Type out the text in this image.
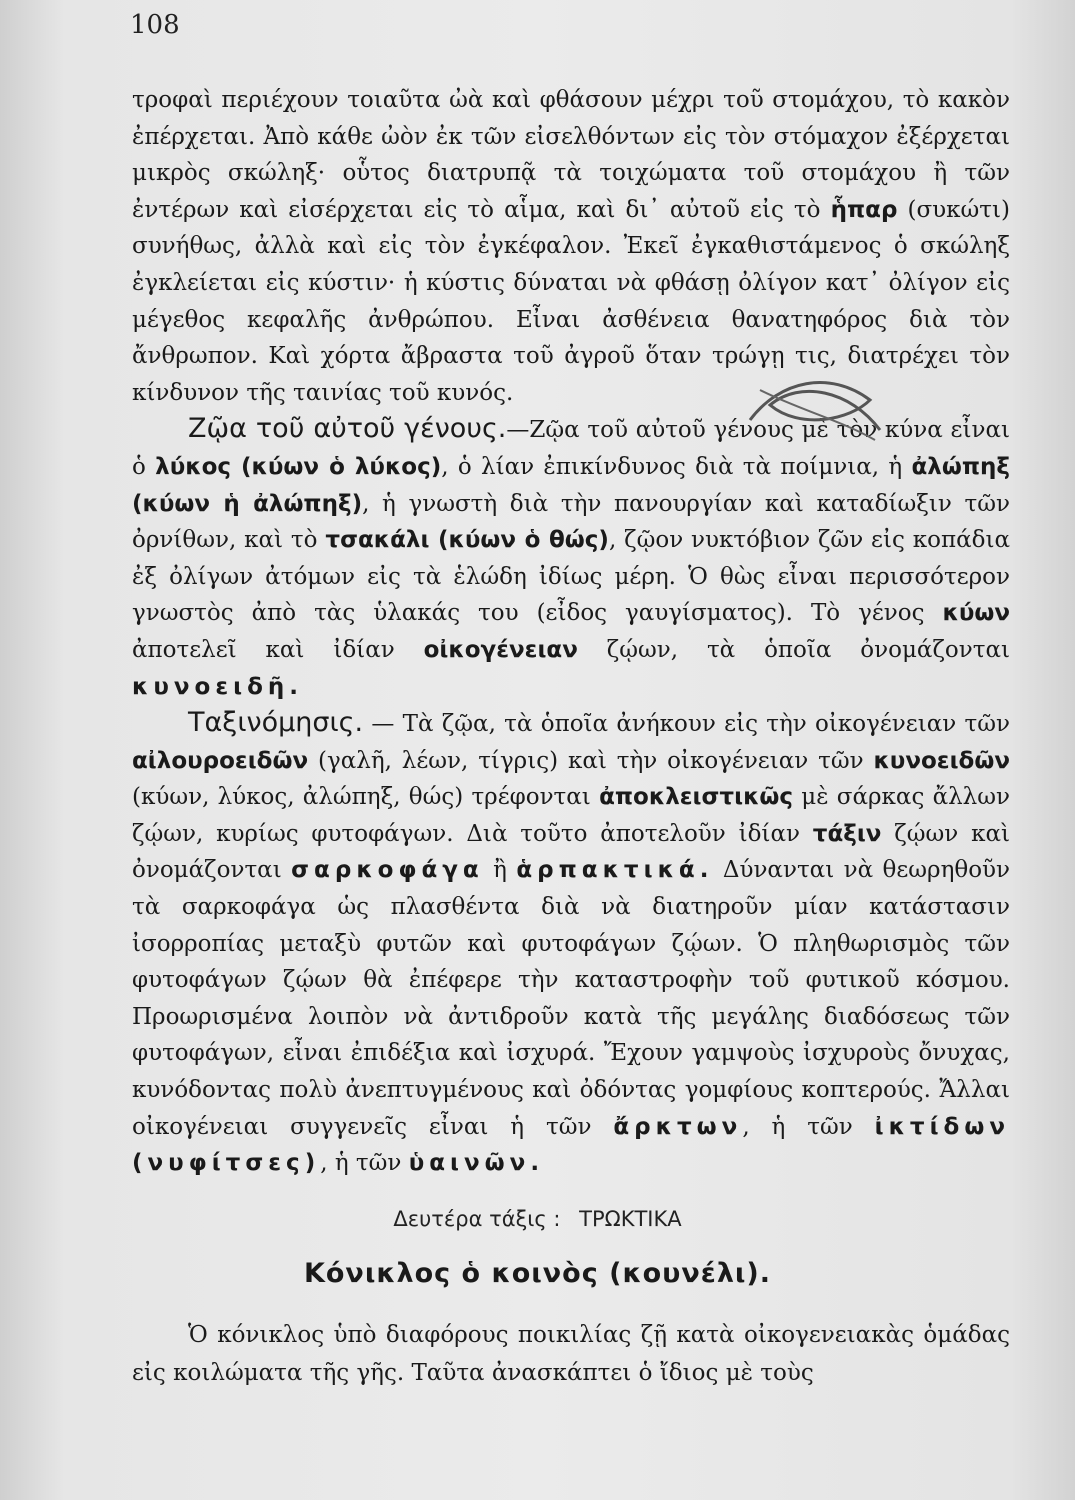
108

τροφαὶ περιέχουν τοιαῦτα ὠὰ καὶ φθάσουν μέχρι τοῦ στομάχου, τὸ κακὸν ἐπέρχεται. Ἀπὸ κάθε ὠὸν ἐκ τῶν εἰσελθόντων εἰς τὸν στόμαχον ἐξέρχεται μικρὸς σκώληξ· οὗτος διατρυπᾷ τὰ τοιχώματα τοῦ στομάχου ἢ τῶν ἐντέρων καὶ εἰσέρχεται εἰς τὸ αἷμα, καὶ δι᾽ αὐτοῦ εἰς τὸ ἧπαρ (συκώτι) συνήθως, ἀλλὰ καὶ εἰς τὸν ἐγκέφαλον. Ἐκεῖ ἐγκαθιστάμενος ὁ σκώληξ ἐγκλείεται εἰς κύστιν· ἡ κύστις δύναται νὰ φθάσῃ ὀλίγον κατ᾽ ὀλίγον εἰς μέγεθος κεφαλῆς ἀνθρώπου. Εἶναι ἀσθένεια θανατηφόρος διὰ τὸν ἄνθρωπον. Καὶ χόρτα ἄβραστα τοῦ ἀγροῦ ὅταν τρώγῃ τις, διατρέχει τὸν κίνδυνον τῆς ταινίας τοῦ κυνός.

Ζῷα τοῦ αὐτοῦ γένους.—Ζῷα τοῦ αὐτοῦ γένους μὲ τὸν κύνα εἶναι ὁ λύκος (κύων ὁ λύκος), ὁ λίαν ἐπικίνδυνος διὰ τὰ ποίμνια, ἡ ἀλώπηξ (κύων ἡ ἀλώπηξ), ἡ γνωστὴ διὰ τὴν πανουργίαν καὶ καταδίωξιν τῶν ὀρνίθων, καὶ τὸ τσακάλι (κύων ὁ θώς), ζῷον νυκτόβιον ζῶν εἰς κοπάδια ἐξ ὀλίγων ἀτόμων εἰς τὰ ἑλώδη ἰδίως μέρη. Ὁ θὼς εἶναι περισσότερον γνωστὸς ἀπὸ τὰς ὑλακάς του (εἶδος γαυγίσματος). Τὸ γένος κύων ἀποτελεῖ καὶ ἰδίαν οἰκογένειαν ζῴων, τὰ ὁποῖα ὀνομάζονται κυνοειδῆ.

Ταξινόμησις. — Τὰ ζῷα, τὰ ὁποῖα ἀνήκουν εἰς τὴν οἰκογένειαν τῶν αἰλουροειδῶν (γαλῆ, λέων, τίγρις) καὶ τὴν οἰκογένειαν τῶν κυνοειδῶν (κύων, λύκος, ἀλώπηξ, θώς) τρέφονται ἀποκλειστικῶς μὲ σάρκας ἄλλων ζῴων, κυρίως φυτοφάγων. Διὰ τοῦτο ἀποτελοῦν ἰδίαν τάξιν ζῴων καὶ ὀνομάζονται σαρκοφάγα ἢ ἁρπακτικά. Δύνανται νὰ θεωρηθοῦν τὰ σαρκοφάγα ὡς πλασθέντα διὰ νὰ διατηροῦν μίαν κατάστασιν ἰσορροπίας μεταξὺ φυτῶν καὶ φυτοφάγων ζῴων. Ὁ πληθωρισμὸς τῶν φυτοφάγων ζῴων θὰ ἐπέφερε τὴν καταστροφὴν τοῦ φυτικοῦ κόσμου. Προωρισμένα λοιπὸν νὰ ἀντιδροῦν κατὰ τῆς μεγάλης διαδόσεως τῶν φυτοφάγων, εἶναι ἐπιδέξια καὶ ἰσχυρά. Ἔχουν γαμψοὺς ἰσχυροὺς ὄνυχας, κυνόδοντας πολὺ ἀνεπτυγμένους καὶ ὀδόντας γομφίους κοπτερούς. Ἄλλαι οἰκογένειαι συγγενεῖς εἶναι ἡ τῶν ἄρκτων, ἡ τῶν ἰκτίδων (νυφίτσες), ἡ τῶν ὑαινῶν.

Δευτέρα τάξις : ΤΡΩΚΤΙΚΑ
Κόνικλος ὁ κοινὸς (κουνέλι).

Ὁ κόνικλος ὑπὸ διαφόρους ποικιλίας ζῇ κατὰ οἰκογενειακὰς ὁμάδας εἰς κοιλώματα τῆς γῆς. Ταῦτα ἀνασκάπτει ὁ ἴδιος μὲ τοὺς
